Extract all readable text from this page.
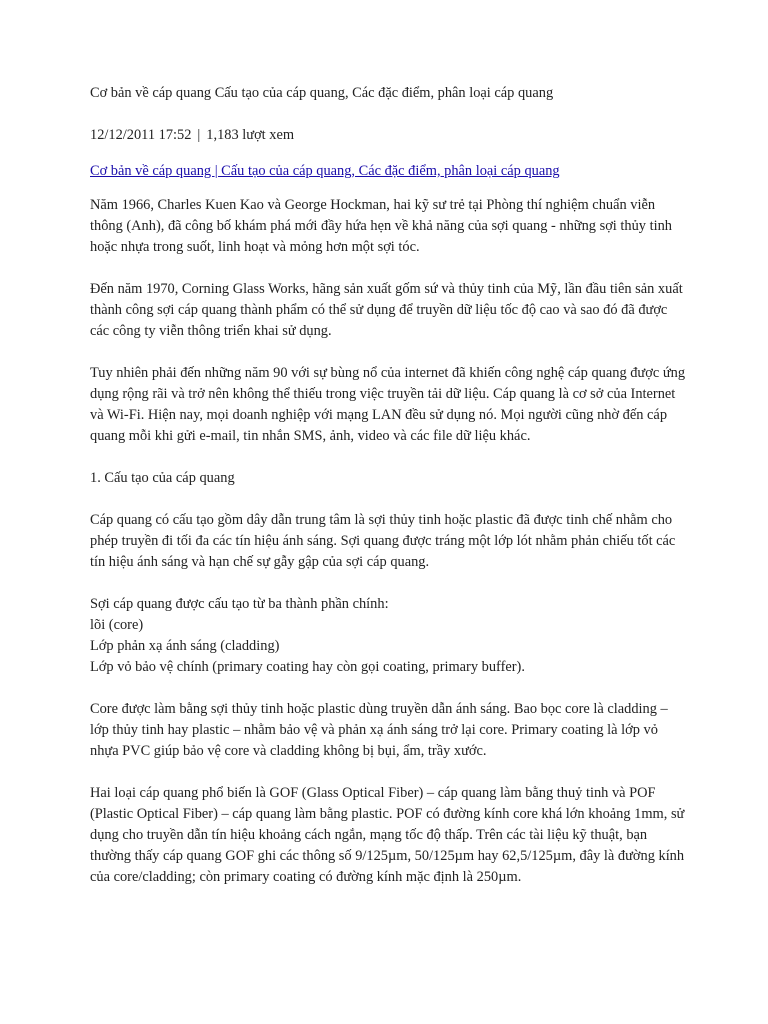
Cơ bản về cáp quang Cấu tạo của cáp quang, Các đặc điểm, phân loại cáp quang

12/12/2011 17:52 | 1,183 lượt xem

Cơ bản về cáp quang | Cấu tạo của cáp quang, Các đặc điểm, phân loại cáp quang

Năm 1966, Charles Kuen Kao và George Hockman, hai kỹ sư trẻ tại Phòng thí nghiệm chuẩn viễn thông (Anh), đã công bố khám phá mới đầy hứa hẹn về khả năng của sợi quang - những sợi thủy tinh hoặc nhựa trong suốt, linh hoạt và mỏng hơn một sợi tóc.

Đến năm 1970, Corning Glass Works, hãng sản xuất gốm sứ và thủy tinh của Mỹ, lần đầu tiên sản xuất thành công sợi cáp quang thành phẩm có thể sử dụng để truyền dữ liệu tốc độ cao và sao đó đã được các công ty viễn thông triển khai sử dụng.

Tuy nhiên phải đến những năm 90 với sự bùng nổ của internet đã khiến công nghệ cáp quang được ứng dụng rộng rãi và trở nên không thể thiếu trong việc truyền tải dữ liệu. Cáp quang là cơ sở của Internet và Wi-Fi. Hiện nay, mọi doanh nghiệp với mạng LAN đều sử dụng nó. Mọi người cũng nhờ đến cáp quang mỗi khi gửi e-mail, tin nhắn SMS, ảnh, video và các file dữ liệu khác.

1. Cấu tạo của cáp quang

Cáp quang có cấu tạo gồm dây dẫn trung tâm là sợi thủy tinh hoặc plastic đã được tinh chế nhằm cho phép truyền đi tối đa các tín hiệu ánh sáng. Sợi quang được tráng một lớp lót nhằm phản chiếu tốt các tín hiệu ánh sáng và hạn chế sự gẫy gập của sợi cáp quang.

Sợi cáp quang được cấu tạo từ ba thành phần chính:

lõi (core)

Lớp phản xạ ánh sáng (cladding)

Lớp vỏ bảo vệ chính (primary coating hay còn gọi coating, primary buffer).

Core được làm bằng sợi thủy tinh hoặc plastic dùng truyền dẫn ánh sáng. Bao bọc core là cladding – lớp thủy tinh hay plastic – nhằm bảo vệ và phản xạ ánh sáng trở lại core. Primary coating là lớp vỏ nhựa PVC giúp bảo vệ core và cladding không bị bụi, ẩm, trầy xước.

Hai loại cáp quang phổ biến là GOF (Glass Optical Fiber) – cáp quang làm bằng thuỷ tinh và POF (Plastic Optical Fiber) – cáp quang làm bằng plastic. POF có đường kính core khá lớn khoảng 1mm, sử dụng cho truyền dẫn tín hiệu khoảng cách ngắn, mạng tốc độ thấp. Trên các tài liệu kỹ thuật, bạn thường thấy cáp quang GOF ghi các thông số 9/125µm, 50/125µm hay 62,5/125µm, đây là đường kính của core/cladding; còn primary coating có đường kính mặc định là 250µm.
